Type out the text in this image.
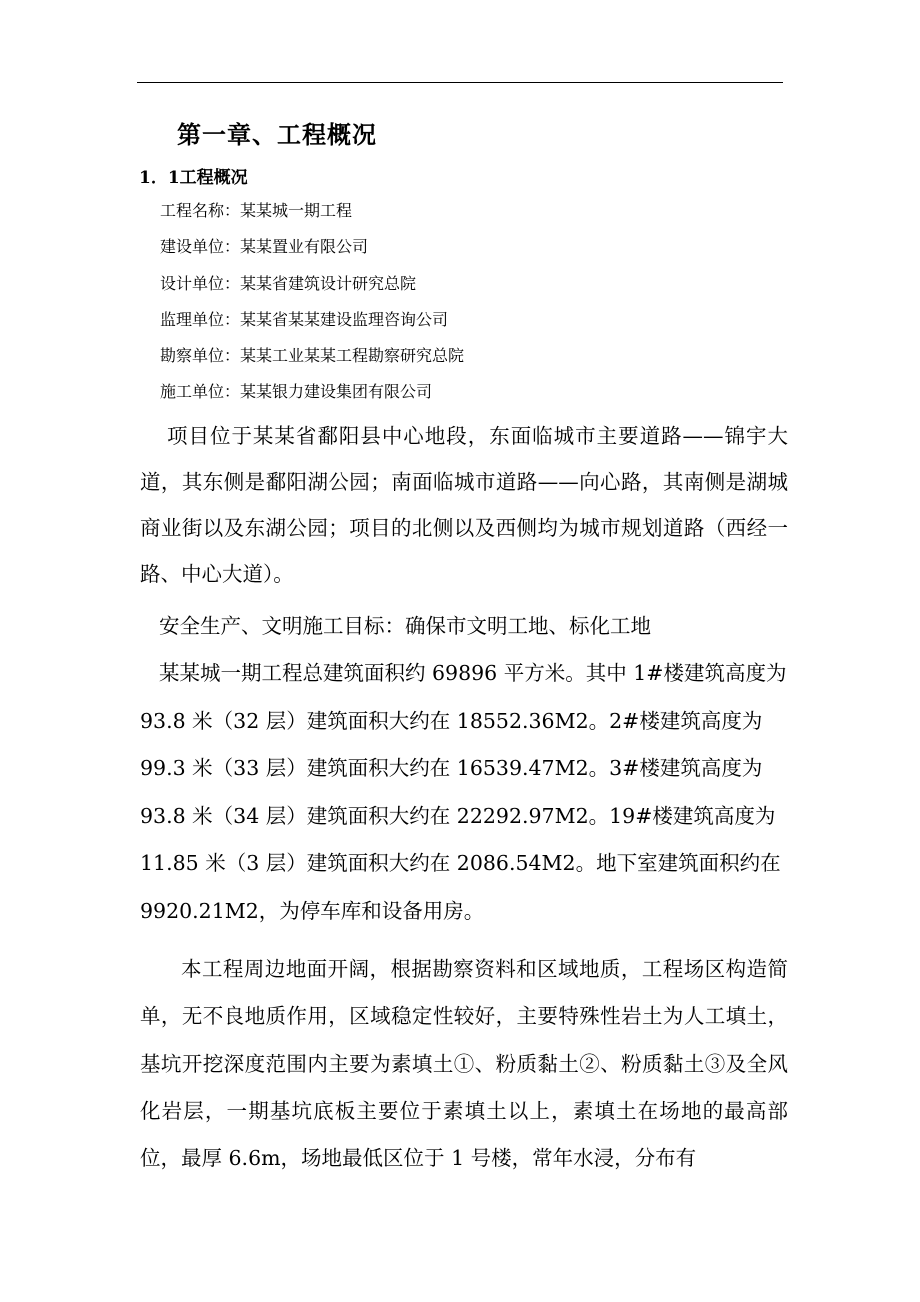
第一章、工程概况
1．1工程概况
工程名称：某某城一期工程
建设单位：某某置业有限公司
设计单位：某某省建筑设计研究总院
监理单位：某某省某某建设监理咨询公司
勘察单位：某某工业某某工程勘察研究总院
施工单位：某某银力建设集团有限公司

项目位于某某省鄱阳县中心地段，东面临城市主要道路——锦宇大道，其东侧是鄱阳湖公园；南面临城市道路——向心路，其南侧是湖城商业街以及东湖公园；项目的北侧以及西侧均为城市规划道路（西经一路、中心大道）。

安全生产、文明施工目标：确保市文明工地、标化工地

某某城一期工程总建筑面积约 69896 平方米。其中 1#楼建筑高度为
93.8 米（32 层）建筑面积大约在 18552.36M2。2#楼建筑高度为
99.3 米（33 层）建筑面积大约在 16539.47M2。3#楼建筑高度为
93.8 米（34 层）建筑面积大约在 22292.97M2。19#楼建筑高度为
11.85 米（3 层）建筑面积大约在 2086.54M2。地下室建筑面积约在
9920.21M2，为停车库和设备用房。

本工程周边地面开阔，根据勘察资料和区域地质，工程场区构造简单，无不良地质作用，区域稳定性较好，主要特殊性岩土为人工填土，基坑开挖深度范围内主要为素填土①、粉质黏土②、粉质黏土③及全风化岩层，一期基坑底板主要位于素填土以上，素填土在场地的最高部位，最厚 6.6m，场地最低区位于 1 号楼，常年水浸，分布有
